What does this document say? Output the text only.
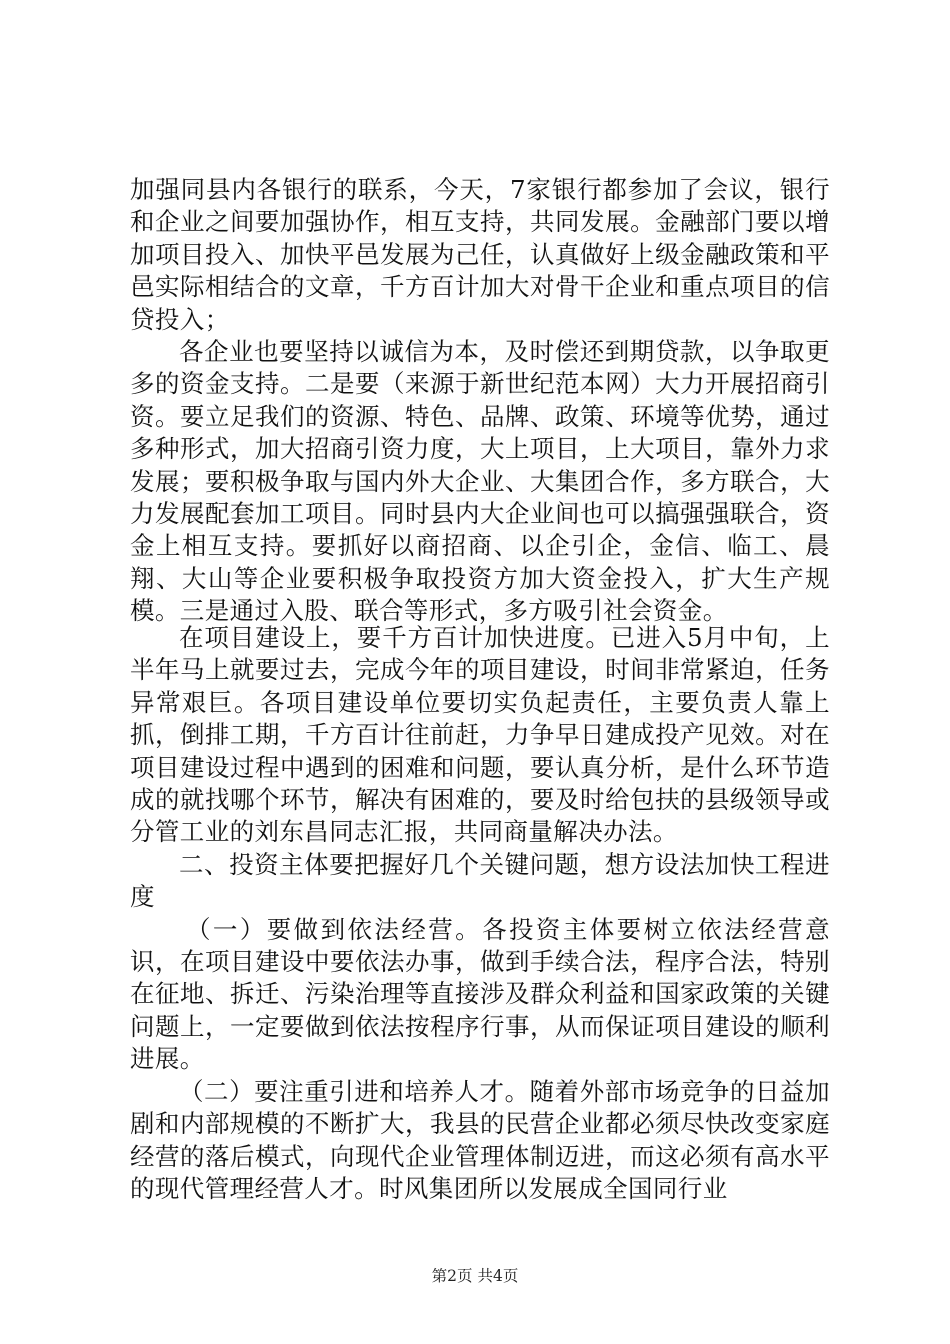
加强同县内各银行的联系，今天，7家银行都参加了会议，银行和企业之间要加强协作，相互支持，共同发展。金融部门要以增加项目投入、加快平邑发展为己任，认真做好上级金融政策和平邑实际相结合的文章，千方百计加大对骨干企业和重点项目的信贷投入；

各企业也要坚持以诚信为本，及时偿还到期贷款，以争取更多的资金支持。二是要（来源于新世纪范本网）大力开展招商引资。要立足我们的资源、特色、品牌、政策、环境等优势，通过多种形式，加大招商引资力度，大上项目，上大项目，靠外力求发展；要积极争取与国内外大企业、大集团合作，多方联合，大力发展配套加工项目。同时县内大企业间也可以搞强强联合，资金上相互支持。要抓好以商招商、以企引企，金信、临工、晨翔、大山等企业要积极争取投资方加大资金投入，扩大生产规模。三是通过入股、联合等形式，多方吸引社会资金。

在项目建设上，要千方百计加快进度。已进入5月中旬，上半年马上就要过去，完成今年的项目建设，时间非常紧迫，任务异常艰巨。各项目建设单位要切实负起责任，主要负责人靠上抓，倒排工期，千方百计往前赶，力争早日建成投产见效。对在项目建设过程中遇到的困难和问题，要认真分析，是什么环节造成的就找哪个环节，解决有困难的，要及时给包扶的县级领导或分管工业的刘东昌同志汇报，共同商量解决办法。

二、投资主体要把握好几个关键问题，想方设法加快工程进度

（一）要做到依法经营。各投资主体要树立依法经营意识，在项目建设中要依法办事，做到手续合法，程序合法，特别在征地、拆迁、污染治理等直接涉及群众利益和国家政策的关键问题上，一定要做到依法按程序行事，从而保证项目建设的顺利进展。

（二）要注重引进和培养人才。随着外部市场竞争的日益加剧和内部规模的不断扩大，我县的民营企业都必须尽快改变家庭经营的落后模式，向现代企业管理体制迈进，而这必须有高水平的现代管理经营人才。时风集团所以发展成全国同行业

第2页 共4页
